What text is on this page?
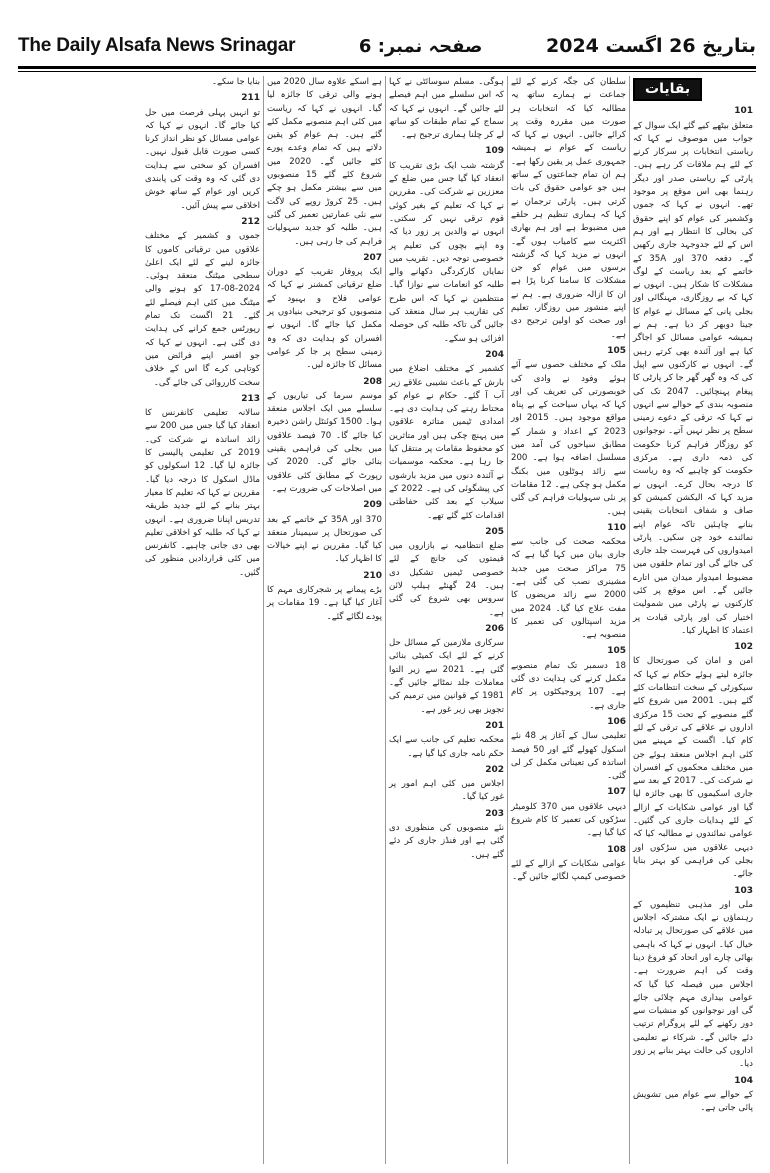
The Daily Alsafa News Srinagar	صفحہ نمبر: 6	بتاریخ 26 اگست 2024
بقایات
101

متعلق بیٹھے کیے گئے ایک سوال کے جواب میں موصوف نے کہا کہ ریاستی انتخابات پر سرکار کرنے کے لئے ہم ملاقات کر رہے ہیں۔ پارٹی کے ریاستی صدر اور دیگر رہنما بھی اس موقع پر موجود تھے۔ انہوں نے کہا کہ جموں وکشمیر کی عوام کو اپنے حقوق کی بحالی کا انتظار ہے اور ہم اس کے لئے جدوجہد جاری رکھیں گے۔ دفعہ 370 اور 35A کے خاتمے کے بعد ریاست کے لوگ مشکلات کا شکار ہیں۔ انہوں نے کہا کہ بے روزگاری، مہنگائی اور بجلی پانی کے مسائل نے عوام کا جینا دوبھر کر دیا ہے۔ ہم نے ہمیشہ عوامی مسائل کو اجاگر کیا ہے اور آئندہ بھی کرتے رہیں گے۔ انہوں نے کارکنوں سے اپیل کی کہ وہ گھر گھر جا کر پارٹی کا پیغام پہنچائیں۔ 2047 تک کی منصوبہ بندی کے حوالے سے انہوں نے کہا کہ ترقی کے دعوے زمینی سطح پر نظر نہیں آتے۔ نوجوانوں کو روزگار فراہم کرنا حکومت کی ذمہ داری ہے۔ مرکزی حکومت کو چاہیے کہ وہ ریاست کا درجہ بحال کرے۔ انہوں نے مزید کہا کہ الیکشن کمیشن کو صاف و شفاف انتخابات یقینی بنانے چاہئیں تاکہ عوام اپنے نمائندے خود چن سکیں۔ پارٹی امیدواروں کی فہرست جلد جاری کی جائے گی اور تمام حلقوں میں مضبوط امیدوار میدان میں اتارے جائیں گے۔ اس موقع پر کئی کارکنوں نے پارٹی میں شمولیت اختیار کی اور پارٹی قیادت پر اعتماد کا اظہار کیا۔

102

امن و امان کی صورتحال کا جائزہ لیتے ہوئے حکام نے کہا کہ سیکورٹی کے سخت انتظامات کئے گئے ہیں۔ 2001 میں شروع کئے گئے منصوبے کے تحت 15 مرکزی اداروں نے علاقے کی ترقی کے لئے کام کیا۔ اگست کے مہینے میں کئی اہم اجلاس منعقد ہوئے جن میں مختلف محکموں کے افسران نے شرکت کی۔ 2017 کے بعد سے جاری اسکیموں کا بھی جائزہ لیا گیا اور عوامی شکایات کے ازالے کے لئے ہدایات جاری کی گئیں۔ عوامی نمائندوں نے مطالبہ کیا کہ دیہی علاقوں میں سڑکوں اور بجلی کی فراہمی کو بہتر بنایا جائے۔

103

ملی اور مذہبی تنظیموں کے رہنماؤں نے ایک مشترکہ اجلاس میں علاقے کی صورتحال پر تبادلہ خیال کیا۔ انہوں نے کہا کہ باہمی بھائی چارے اور اتحاد کو فروغ دینا وقت کی اہم ضرورت ہے۔ اجلاس میں فیصلہ کیا گیا کہ عوامی بیداری مہم چلائی جائے گی اور نوجوانوں کو منشیات سے دور رکھنے کے لئے پروگرام ترتیب دئے جائیں گے۔ شرکاء نے تعلیمی اداروں کی حالت بہتر بنانے پر زور دیا۔

104

کے حوالے سے عوام میں تشویش پائی جاتی ہے۔

سلطان کی جگہ کرنے کے لئے جماعت نے ہمارے ساتھ یہ مطالبہ کیا کہ انتخابات ہر صورت میں مقررہ وقت پر کرائے جائیں۔ انہوں نے کہا کہ ریاست کے عوام نے ہمیشہ جمہوری عمل پر یقین رکھا ہے۔ ہم ان تمام جماعتوں کے ساتھ ہیں جو عوامی حقوق کی بات کرتی ہیں۔ پارٹی ترجمان نے کہا کہ ہماری تنظیم ہر حلقے میں مضبوط ہے اور ہم بھاری اکثریت سے کامیاب ہوں گے۔ انہوں نے مزید کہا کہ گزشتہ برسوں میں عوام کو جن مشکلات کا سامنا کرنا پڑا ہے ان کا ازالہ ضروری ہے۔ ہم نے اپنے منشور میں روزگار، تعلیم اور صحت کو اولین ترجیح دی ہے۔

105

ملک کے مختلف حصوں سے آئے ہوئے وفود نے وادی کی خوبصورتی کی تعریف کی اور کہا کہ یہاں سیاحت کے بے پناہ مواقع موجود ہیں۔ 2015 اور 2023 کے اعداد و شمار کے مطابق سیاحوں کی آمد میں مسلسل اضافہ ہوا ہے۔ 200 سے زائد ہوٹلوں میں بکنگ مکمل ہو چکی ہے۔ 12 مقامات پر نئی سہولیات فراہم کی گئی ہیں۔

110

محکمہ صحت کی جانب سے جاری بیان میں کہا گیا ہے کہ 75 مراکز صحت میں جدید مشینری نصب کی گئی ہے۔ 2000 سے زائد مریضوں کا مفت علاج کیا گیا۔ 2024 میں مزید اسپتالوں کی تعمیر کا منصوبہ ہے۔

105

18 دسمبر تک تمام منصوبے مکمل کرنے کی ہدایت دی گئی ہے۔ 107 پروجیکٹوں پر کام جاری ہے۔

106

تعلیمی سال کے آغاز پر 48 نئے اسکول کھولے گئے اور 50 فیصد اساتذہ کی تعیناتی مکمل کر لی گئی۔

107

دیہی علاقوں میں 370 کلومیٹر سڑکوں کی تعمیر کا کام شروع کیا گیا ہے۔

108

عوامی شکایات کے ازالے کے لئے خصوصی کیمپ لگائے جائیں گے۔

ہوگی۔ مسلم سوسائٹی نے کہا کہ اس سلسلے میں اہم فیصلے لئے جائیں گے۔ انہوں نے کہا کہ سماج کے تمام طبقات کو ساتھ لے کر چلنا ہماری ترجیح ہے۔

109

گزشتہ شب ایک بڑی تقریب کا انعقاد کیا گیا جس میں ضلع کے معززین نے شرکت کی۔ مقررین نے کہا کہ تعلیم کے بغیر کوئی قوم ترقی نہیں کر سکتی۔ انہوں نے والدین پر زور دیا کہ وہ اپنے بچوں کی تعلیم پر خصوصی توجہ دیں۔ تقریب میں نمایاں کارکردگی دکھانے والے طلبہ کو انعامات سے نوازا گیا۔ منتظمین نے کہا کہ اس طرح کی تقاریب ہر سال منعقد کی جائیں گی تاکہ طلبہ کی حوصلہ افزائی ہو سکے۔

204

کشمیر کے مختلف اضلاع میں بارش کے باعث نشیبی علاقے زیر آب آ گئے۔ حکام نے عوام کو محتاط رہنے کی ہدایت دی ہے۔ امدادی ٹیمیں متاثرہ علاقوں میں پہنچ چکی ہیں اور متاثرین کو محفوظ مقامات پر منتقل کیا جا رہا ہے۔ محکمہ موسمیات نے آئندہ دنوں میں مزید بارشوں کی پیشگوئی کی ہے۔ 2022 کے سیلاب کے بعد کئی حفاظتی اقدامات کئے گئے تھے۔

205

ضلع انتظامیہ نے بازاروں میں قیمتوں کی جانچ کے لئے خصوصی ٹیمیں تشکیل دی ہیں۔ 24 گھنٹے ہیلپ لائن سروس بھی شروع کی گئی ہے۔

206

سرکاری ملازمین کے مسائل حل کرنے کے لئے ایک کمیٹی بنائی گئی ہے۔ 2021 سے زیر التوا معاملات جلد نمٹائے جائیں گے۔ 1981 کے قوانین میں ترمیم کی تجویز بھی زیر غور ہے۔

201

محکمہ تعلیم کی جانب سے ایک حکم نامہ جاری کیا گیا ہے۔

202

اجلاس میں کئی اہم امور پر غور کیا گیا۔

203

نئے منصوبوں کی منظوری دی گئی ہے اور فنڈز جاری کر دئے گئے ہیں۔

ہے اسکے علاوہ سال 2020 میں ہونے والی ترقی کا جائزہ لیا گیا۔ انہوں نے کہا کہ ریاست میں کئی اہم منصوبے مکمل کئے گئے ہیں۔ ہم عوام کو یقین دلاتے ہیں کہ تمام وعدے پورے کئے جائیں گے۔ 2020 میں شروع کئے گئے 15 منصوبوں میں سے بیشتر مکمل ہو چکے ہیں۔ 25 کروڑ روپے کی لاگت سے نئی عمارتیں تعمیر کی گئی ہیں۔ طلبہ کو جدید سہولیات فراہم کی جا رہی ہیں۔

207

ایک پروقار تقریب کے دوران ضلع ترقیاتی کمشنر نے کہا کہ عوامی فلاح و بہبود کے منصوبوں کو ترجیحی بنیادوں پر مکمل کیا جائے گا۔ انہوں نے افسران کو ہدایت دی کہ وہ زمینی سطح پر جا کر عوامی مسائل کا جائزہ لیں۔

208

موسم سرما کی تیاریوں کے سلسلے میں ایک اجلاس منعقد ہوا۔ 1500 کوئنٹل راشن ذخیرہ کیا جائے گا۔ 70 فیصد علاقوں میں بجلی کی فراہمی یقینی بنائی جائے گی۔ 2020 کی رپورٹ کے مطابق کئی علاقوں میں اصلاحات کی ضرورت ہے۔

209

370 اور 35A کے خاتمے کے بعد کی صورتحال پر سیمینار منعقد کیا گیا۔ مقررین نے اپنے خیالات کا اظہار کیا۔

210

بڑے پیمانے پر شجرکاری مہم کا آغاز کیا گیا ہے۔ 19 مقامات پر پودے لگائے گئے۔

بنایا جا سکے۔

211

تو انہیں پہلی فرصت میں حل کیا جائے گا۔ انہوں نے کہا کہ عوامی مسائل کو نظر انداز کرنا کسی صورت قابل قبول نہیں۔ افسران کو سختی سے ہدایت دی گئی کہ وہ وقت کی پابندی کریں اور عوام کے ساتھ خوش اخلاقی سے پیش آئیں۔

212

جموں و کشمیر کے مختلف علاقوں میں ترقیاتی کاموں کا جائزہ لینے کے لئے ایک اعلیٰ سطحی میٹنگ منعقد ہوئی۔ 2024-08-17 کو ہونے والی میٹنگ میں کئی اہم فیصلے لئے گئے۔ 21 اگست تک تمام رپورٹس جمع کرانے کی ہدایت دی گئی ہے۔ انہوں نے کہا کہ جو افسر اپنے فرائض میں کوتاہی کرے گا اس کے خلاف سخت کارروائی کی جائے گی۔

213

سالانہ تعلیمی کانفرنس کا انعقاد کیا گیا جس میں 200 سے زائد اساتذہ نے شرکت کی۔ 2019 کی تعلیمی پالیسی کا جائزہ لیا گیا۔ 12 اسکولوں کو ماڈل اسکول کا درجہ دیا گیا۔ مقررین نے کہا کہ تعلیم کا معیار بہتر بنانے کے لئے جدید طریقہ تدریس اپنانا ضروری ہے۔ انہوں نے کہا کہ طلبہ کو اخلاقی تعلیم بھی دی جانی چاہیے۔ کانفرنس میں کئی قراردادیں منظور کی گئیں۔
